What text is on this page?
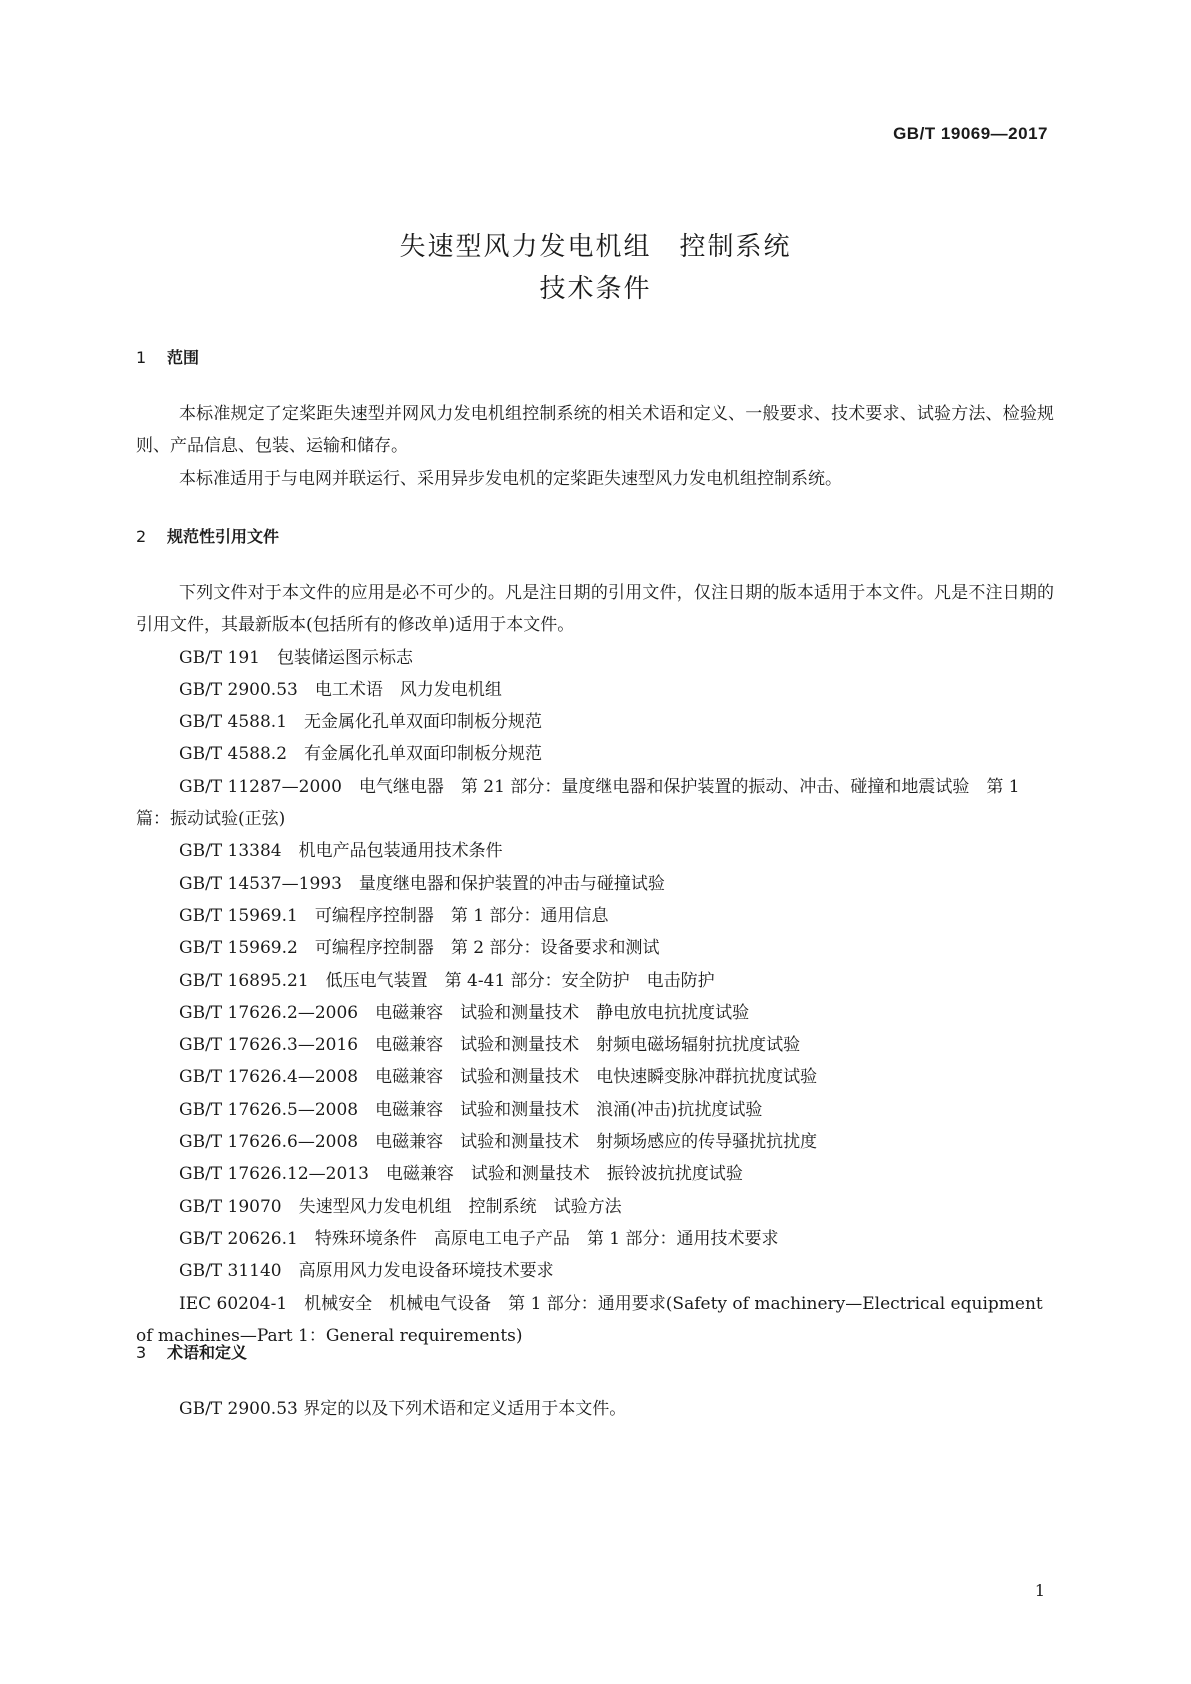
GB/T 19069—2017
失速型风力发电机组　控制系统
技术条件
1 范围

本标准规定了定桨距失速型并网风力发电机组控制系统的相关术语和定义、一般要求、技术要求、试验方法、检验规则、产品信息、包装、运输和储存。

本标准适用于与电网并联运行、采用异步发电机的定桨距失速型风力发电机组控制系统。

2 规范性引用文件

下列文件对于本文件的应用是必不可少的。凡是注日期的引用文件，仅注日期的版本适用于本文件。凡是不注日期的引用文件，其最新版本(包括所有的修改单)适用于本文件。

GB/T 191　包装储运图示标志

GB/T 2900.53　电工术语　风力发电机组

GB/T 4588.1　无金属化孔单双面印制板分规范

GB/T 4588.2　有金属化孔单双面印制板分规范

GB/T 11287—2000　电气继电器　第 21 部分：量度继电器和保护装置的振动、冲击、碰撞和地震试验　第 1 篇：振动试验(正弦)

GB/T 13384　机电产品包装通用技术条件

GB/T 14537—1993　量度继电器和保护装置的冲击与碰撞试验

GB/T 15969.1　可编程序控制器　第 1 部分：通用信息

GB/T 15969.2　可编程序控制器　第 2 部分：设备要求和测试

GB/T 16895.21　低压电气装置　第 4-41 部分：安全防护　电击防护

GB/T 17626.2—2006　电磁兼容　试验和测量技术　静电放电抗扰度试验

GB/T 17626.3—2016　电磁兼容　试验和测量技术　射频电磁场辐射抗扰度试验

GB/T 17626.4—2008　电磁兼容　试验和测量技术　电快速瞬变脉冲群抗扰度试验

GB/T 17626.5—2008　电磁兼容　试验和测量技术　浪涌(冲击)抗扰度试验

GB/T 17626.6—2008　电磁兼容　试验和测量技术　射频场感应的传导骚扰抗扰度

GB/T 17626.12—2013　电磁兼容　试验和测量技术　振铃波抗扰度试验

GB/T 19070　失速型风力发电机组　控制系统　试验方法

GB/T 20626.1　特殊环境条件　高原电工电子产品　第 1 部分：通用技术要求

GB/T 31140　高原用风力发电设备环境技术要求

IEC 60204-1　机械安全　机械电气设备　第 1 部分：通用要求(Safety of machinery—Electrical equipment of machines—Part 1：General requirements)

3 术语和定义

GB/T 2900.53 界定的以及下列术语和定义适用于本文件。

1
